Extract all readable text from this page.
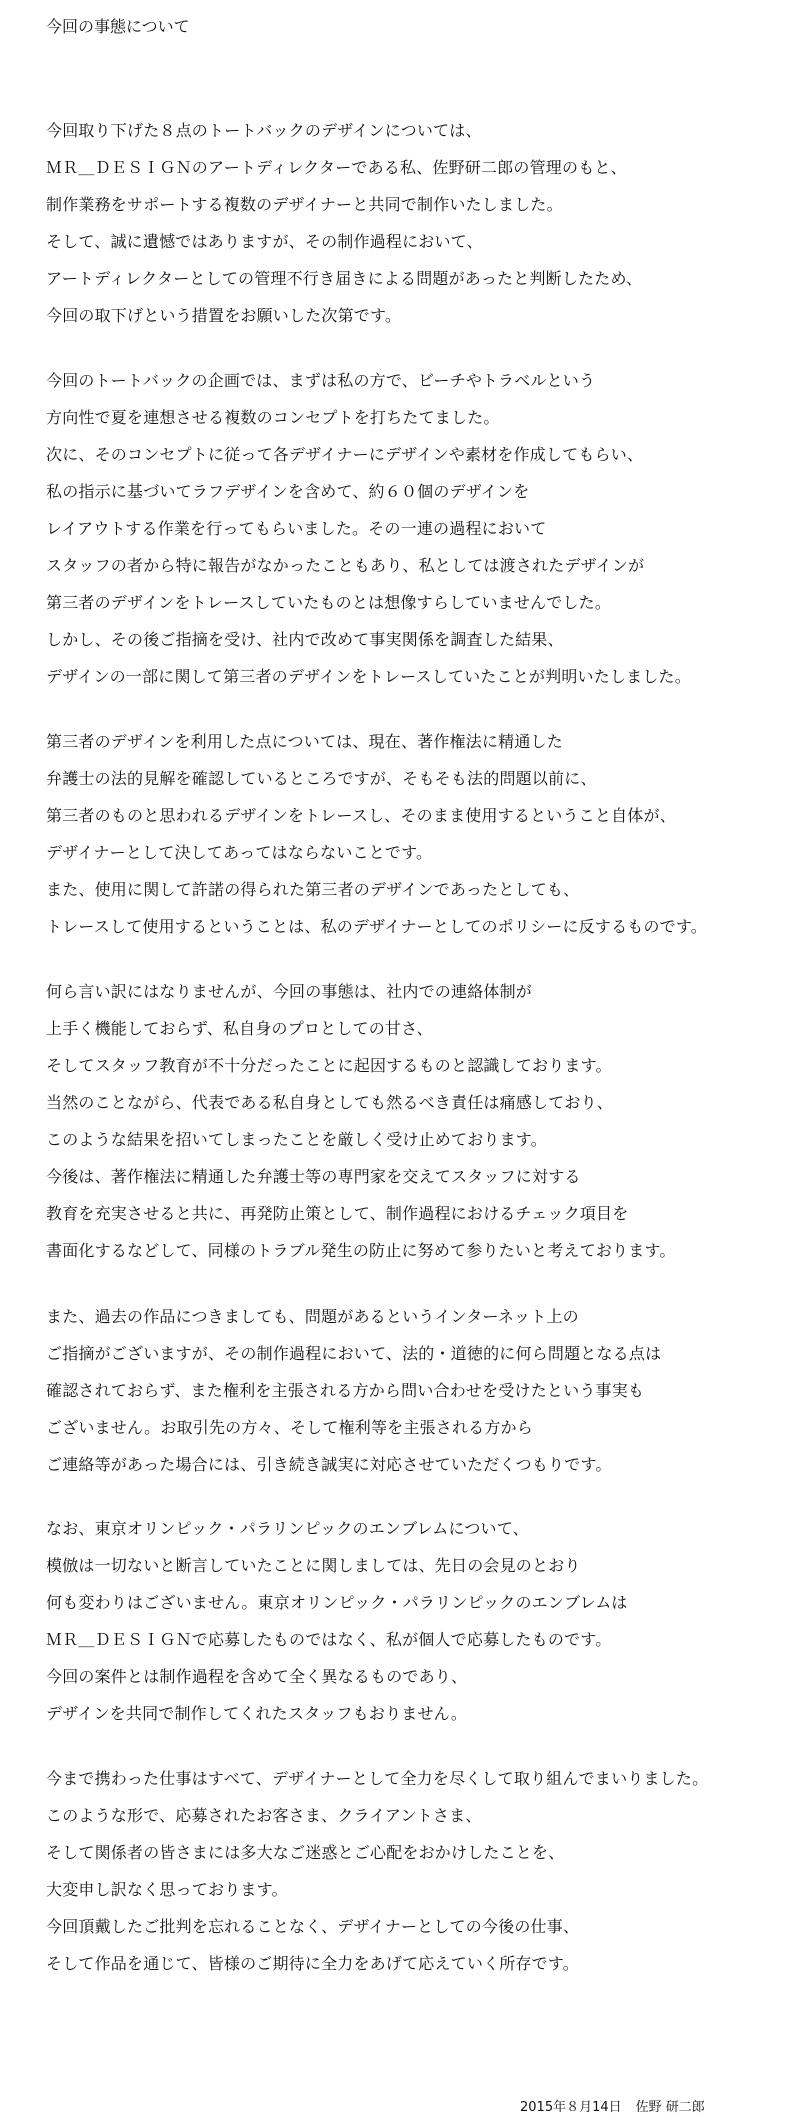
今回の事態について
今回取り下げた８点のトートバックのデザインについては、
ＭＲ＿ＤＥＳＩＧＮのアートディレクターである私、佐野研二郎の管理のもと、
制作業務をサポートする複数のデザイナーと共同で制作いたしました。
そして、誠に遺憾ではありますが、その制作過程において、
アートディレクターとしての管理不行き届きによる問題があったと判断したため、
今回の取下げという措置をお願いした次第です。
今回のトートバックの企画では、まずは私の方で、ビーチやトラベルという
方向性で夏を連想させる複数のコンセプトを打ちたてました。
次に、そのコンセプトに従って各デザイナーにデザインや素材を作成してもらい、
私の指示に基づいてラフデザインを含めて、約６０個のデザインを
レイアウトする作業を行ってもらいました。その一連の過程において
スタッフの者から特に報告がなかったこともあり、私としては渡されたデザインが
第三者のデザインをトレースしていたものとは想像すらしていませんでした。
しかし、その後ご指摘を受け、社内で改めて事実関係を調査した結果、
デザインの一部に関して第三者のデザインをトレースしていたことが判明いたしました。
第三者のデザインを利用した点については、現在、著作権法に精通した
弁護士の法的見解を確認しているところですが、そもそも法的問題以前に、
第三者のものと思われるデザインをトレースし、そのまま使用するということ自体が、
デザイナーとして決してあってはならないことです。
また、使用に関して許諾の得られた第三者のデザインであったとしても、
トレースして使用するということは、私のデザイナーとしてのポリシーに反するものです。
何ら言い訳にはなりませんが、今回の事態は、社内での連絡体制が
上手く機能しておらず、私自身のプロとしての甘さ、
そしてスタッフ教育が不十分だったことに起因するものと認識しております。
当然のことながら、代表である私自身としても然るべき責任は痛感しており、
このような結果を招いてしまったことを厳しく受け止めております。
今後は、著作権法に精通した弁護士等の専門家を交えてスタッフに対する
教育を充実させると共に、再発防止策として、制作過程におけるチェック項目を
書面化するなどして、同様のトラブル発生の防止に努めて参りたいと考えております。
また、過去の作品につきましても、問題があるというインターネット上の
ご指摘がございますが、その制作過程において、法的・道徳的に何ら問題となる点は
確認されておらず、また権利を主張される方から問い合わせを受けたという事実も
ございません。お取引先の方々、そして権利等を主張される方から
ご連絡等があった場合には、引き続き誠実に対応させていただくつもりです。
なお、東京オリンピック・パラリンピックのエンブレムについて、
模倣は一切ないと断言していたことに関しましては、先日の会見のとおり
何も変わりはございません。東京オリンピック・パラリンピックのエンブレムは
ＭＲ＿ＤＥＳＩＧＮで応募したものではなく、私が個人で応募したものです。
今回の案件とは制作過程を含めて全く異なるものであり、
デザインを共同で制作してくれたスタッフもおりません。
今まで携わった仕事はすべて、デザイナーとして全力を尽くして取り組んでまいりました。
このような形で、応募されたお客さま、クライアントさま、
そして関係者の皆さまには多大なご迷惑とご心配をおかけしたことを、
大変申し訳なく思っております。
今回頂戴したご批判を忘れることなく、デザイナーとしての今後の仕事、
そして作品を通じて、皆様のご期待に全力をあげて応えていく所存です。
2015年８月14日 佐野 研二郎
